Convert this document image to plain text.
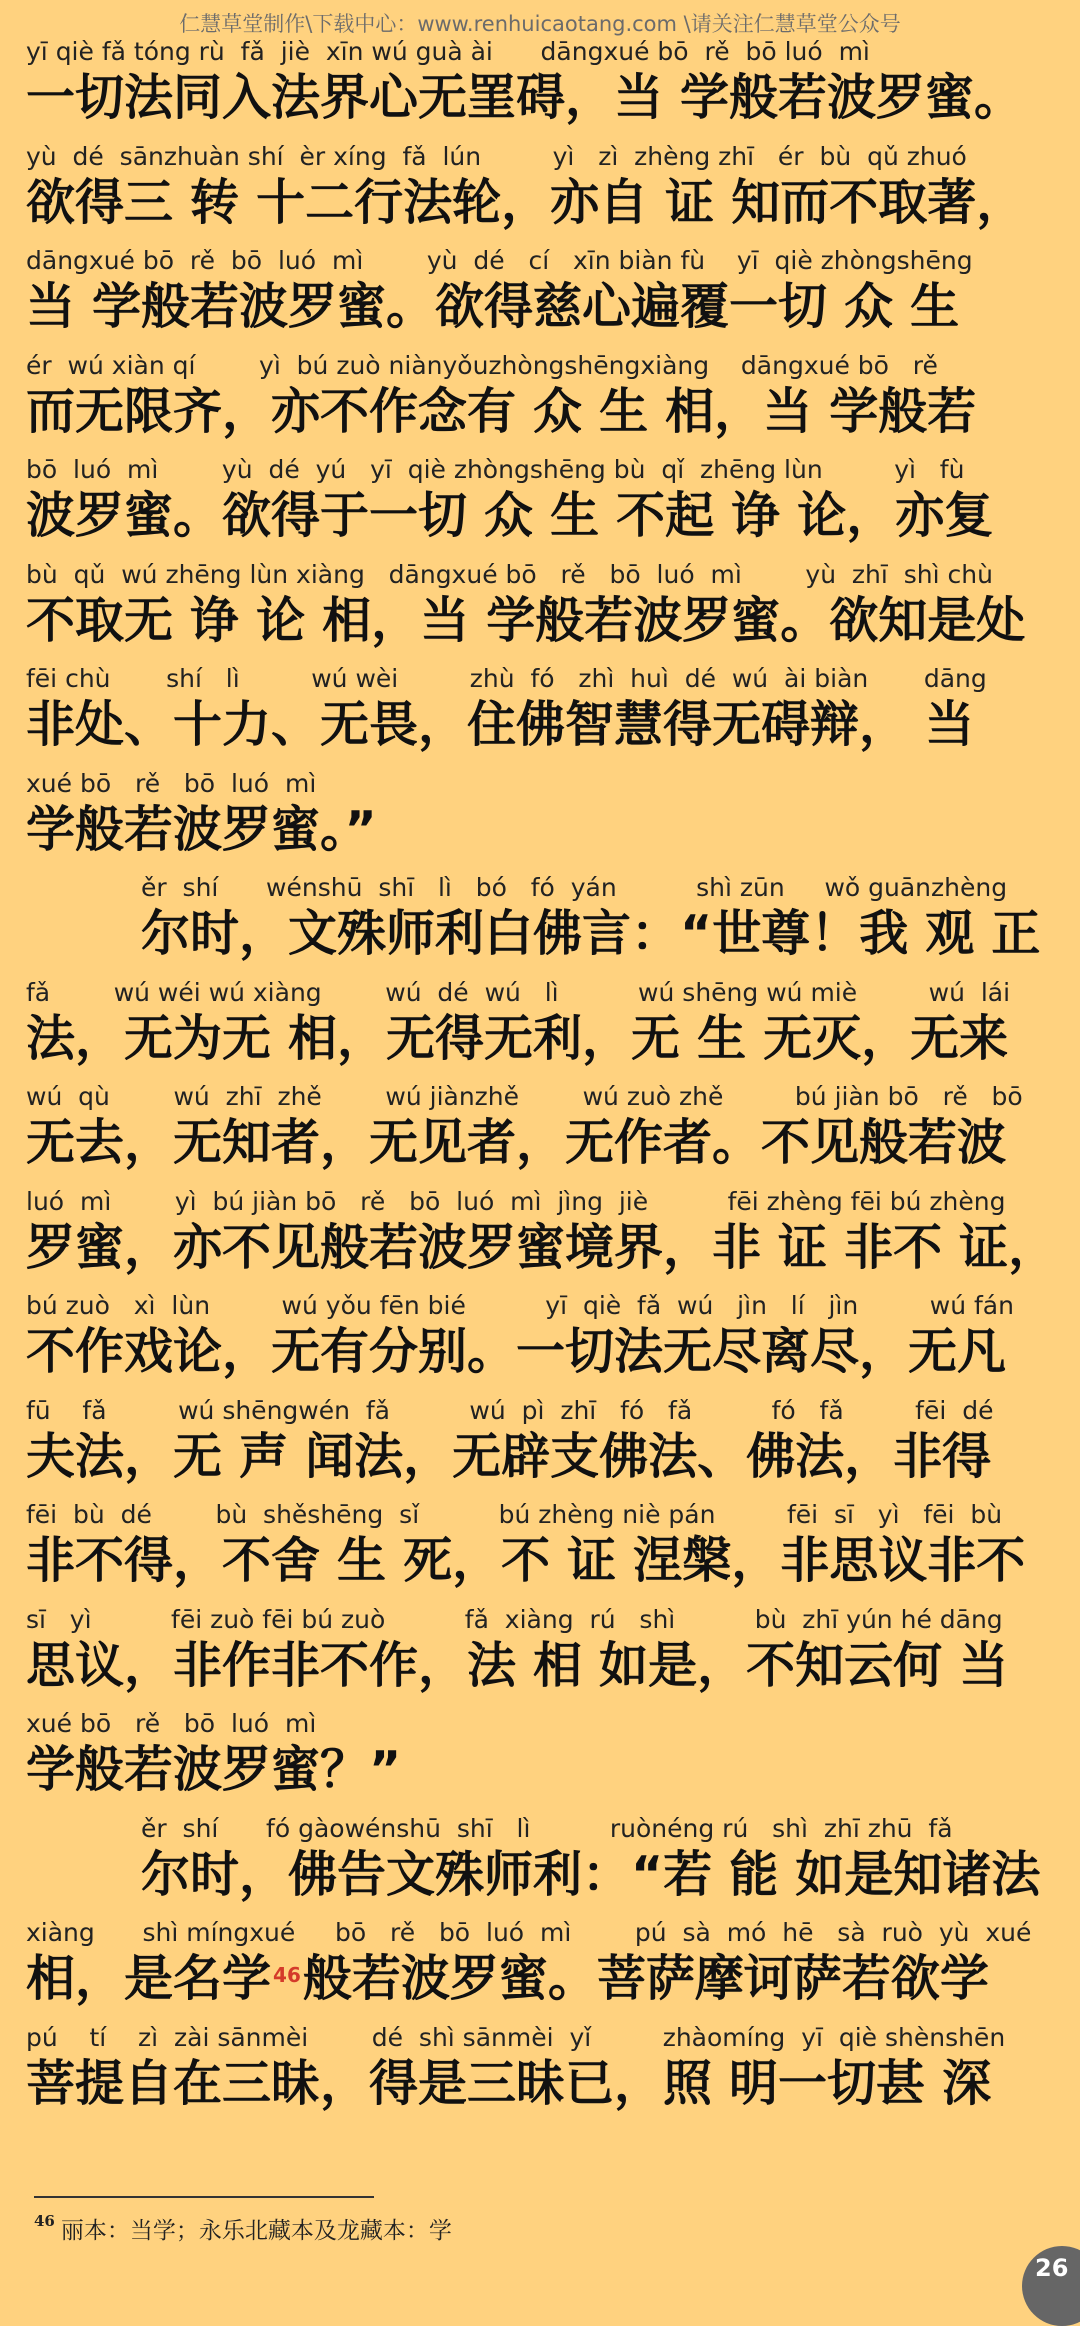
仁慧草堂制作\下载中心：www.renhuicaotang.com \请关注仁慧草堂公众号
yī qiè fǎ tóng rù  fǎ  jiè  xīn wú guà ài      dāngxué bō  rě  bō luó  mì
一切法同入法界心无罣碍，当 学般若波罗蜜。
yù  dé  sānzhuàn shí  èr xíng  fǎ  lún         yì   zì  zhèng zhī   ér  bù  qǔ zhuó
欲得三 转 十二行法轮，亦自 证 知而不取著，
dāngxué bō  rě  bō  luó  mì        yù  dé   cí   xīn biàn fù    yī  qiè zhòngshēng
当 学般若波罗蜜。欲得慈心遍覆一切 众 生
ér  wú xiàn qí        yì  bú zuò niànyǒuzhòngshēngxiàng    dāngxué bō   rě
而无限齐，亦不作念有 众 生 相，当 学般若
bō  luó  mì        yù  dé  yú   yī  qiè zhòngshēng bù  qǐ  zhēng lùn         yì   fù
波罗蜜。欲得于一切 众 生 不起 诤 论，亦复
bù  qǔ  wú zhēng lùn xiàng   dāngxué bō   rě   bō  luó  mì        yù  zhī  shì chù
不取无 诤 论 相，当 学般若波罗蜜。欲知是处
fēi chù       shí   lì         wú wèi         zhù  fó   zhì  huì  dé  wú  ài biàn       dāng
非处、十力、无畏，住佛智慧得无碍辩， 当
xué bō   rě   bō  luó  mì
学般若波罗蜜。”
ěr  shí      wénshū  shī   lì   bó   fó  yán          shì zūn     wǒ guānzhèng
尔时，文殊师利白佛言：“世尊！我 观 正
fǎ        wú wéi wú xiàng        wú  dé  wú   lì          wú shēng wú miè         wú  lái
法，无为无 相，无得无利，无 生 无灭，无来
wú  qù        wú  zhī  zhě        wú jiànzhě        wú zuò zhě         bú jiàn bō   rě   bō
无去，无知者，无见者，无作者。不见般若波
luó  mì        yì  bú jiàn bō   rě   bō  luó  mì  jìng  jiè          fēi zhèng fēi bú zhèng
罗蜜，亦不见般若波罗蜜境界，非 证 非不 证，
bú zuò   xì  lùn         wú yǒu fēn bié          yī  qiè  fǎ  wú   jìn   lí   jìn         wú fán
不作戏论，无有分别。一切法无尽离尽，无凡
fū    fǎ         wú shēngwén  fǎ          wú  pì  zhī   fó   fǎ          fó   fǎ         fēi  dé
夫法，无 声 闻法，无辟支佛法、佛法，非得
fēi  bù  dé        bù  shěshēng  sǐ          bú zhèng niè pán         fēi  sī   yì   fēi  bù
非不得，不舍 生 死，不 证 涅槃，非思议非不
sī   yì          fēi zuò fēi bú zuò          fǎ  xiàng  rú   shì          bù  zhī yún hé dāng
思议，非作非不作，法 相 如是，不知云何 当
xué bō   rě   bō  luó  mì
学般若波罗蜜？”
ěr  shí      fó gàowénshū  shī   lì          ruònéng rú   shì  zhī zhū  fǎ
尔时，佛告文殊师利：“若 能 如是知诸法
xiàng      shì míngxué     bō   rě   bō  luó  mì        pú  sà  mó  hē   sà  ruò  yù  xué
相，是名学 $^{46}$般若波罗蜜。菩萨摩诃萨若欲学
pú    tí    zì  zài sānmèi        dé  shì sānmèi  yǐ         zhàomíng  yī  qiè shènshēn
菩提自在三昧，得是三昧已，照 明一切甚 深
$^{46}$ 丽本：当学；永乐北藏本及龙藏本：学
26
